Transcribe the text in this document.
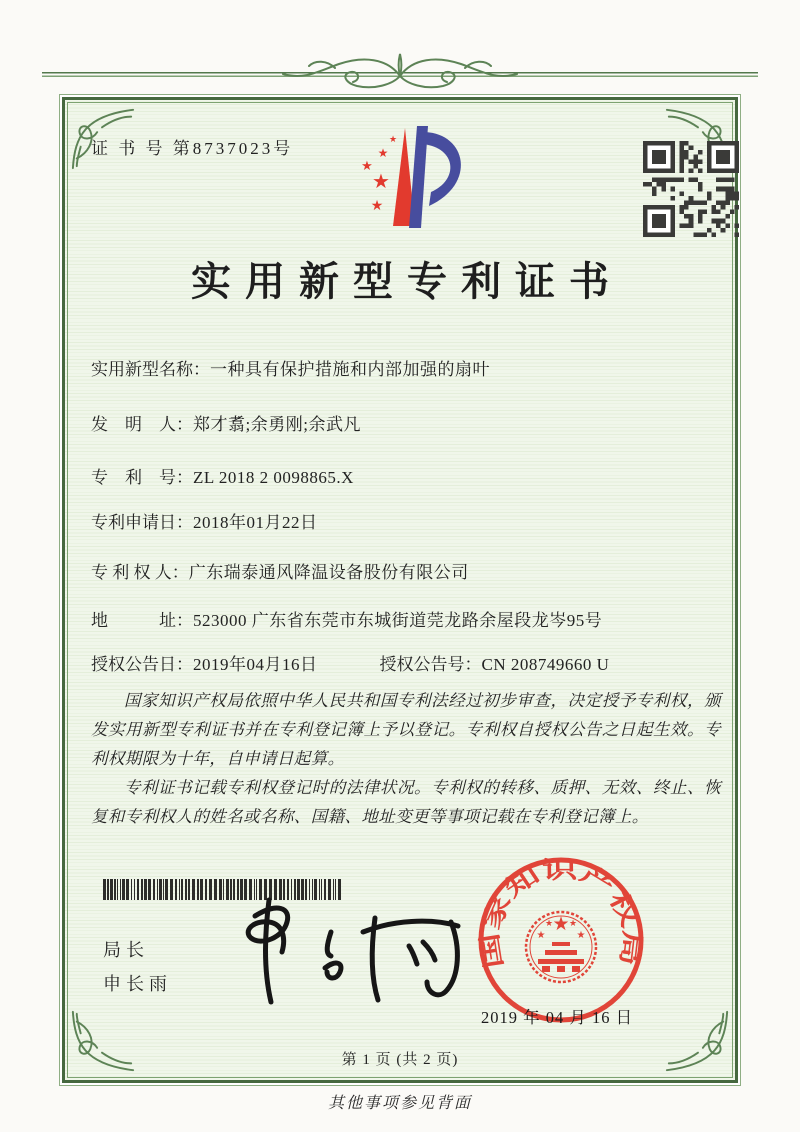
证 书 号 第8737023号
★
★
★
★
★
实用新型专利证书
实用新型名称：一种具有保护措施和内部加强的扇叶
发　明　人：郑才翥;余勇刚;余武凡
专　利　号：ZL 2018 2 0098865.X
专利申请日：2018年01月22日
专 利 权 人：广东瑞泰通风降温设备股份有限公司
地　　　址：523000 广东省东莞市东城街道莞龙路余屋段龙岑95号
授权公告日：2019年04月16日	授权公告号：CN 208749660 U

国家知识产权局依照中华人民共和国专利法经过初步审查，决定授予专利权，颁发实用新型专利证书并在专利登记簿上予以登记。专利权自授权公告之日起生效。专利权期限为十年，自申请日起算。

专利证书记载专利权登记时的法律状况。专利权的转移、质押、无效、终止、恢复和专利权人的姓名或名称、国籍、地址变更等事项记载在专利登记簿上。

局长
申长雨
国家知识产权局
★
★
★ ★
★
2019 年 04 月 16 日
第 1 页 (共 2 页)
其他事项参见背面
